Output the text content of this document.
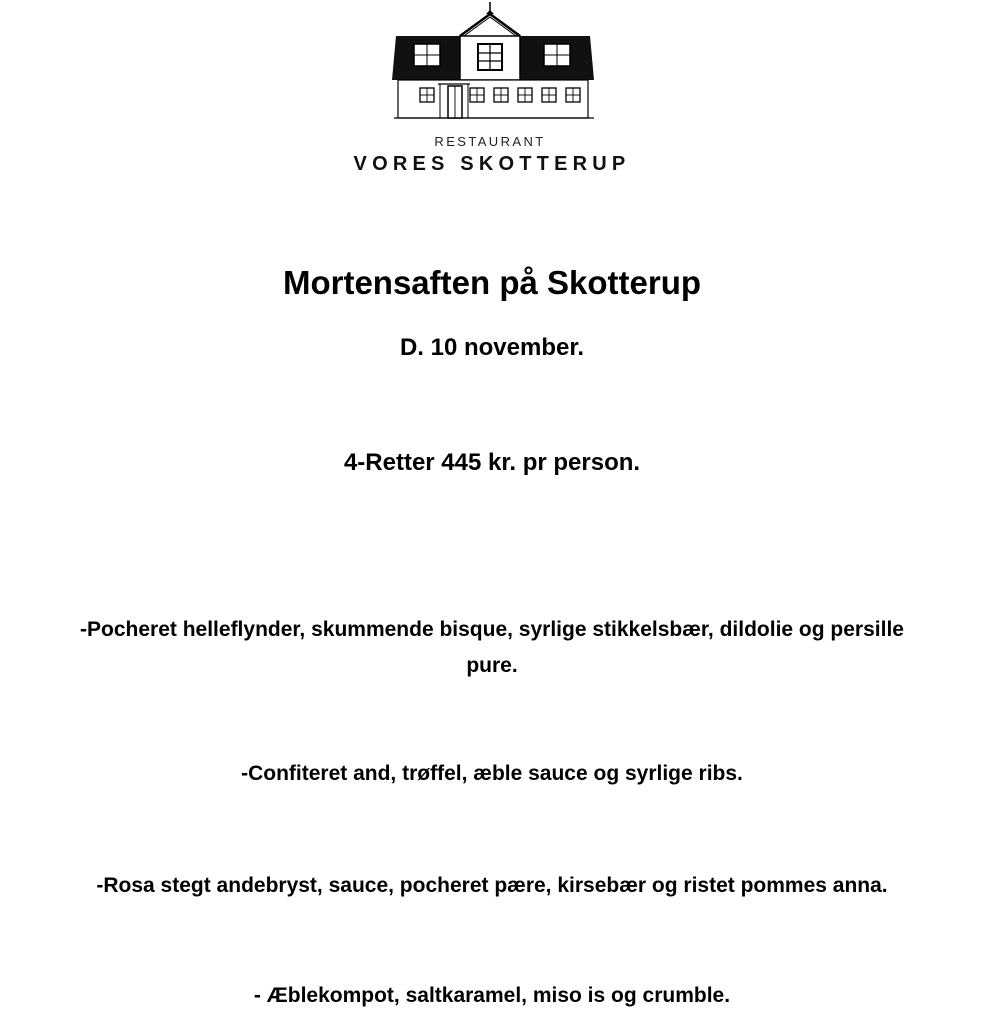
RESTAURANT
VORES SKOTTERUP
Mortensaften på Skotterup
D. 10 november.
4-Retter 445 kr. pr person.
-Pocheret helleflynder, skummende bisque, syrlige stikkelsbær, dildolie og persille
pure.
-Confiteret and, trøffel, æble sauce og syrlige ribs.
-Rosa stegt andebryst, sauce, pocheret pære, kirsebær og ristet pommes anna.
- Æblekompot, saltkaramel, miso is og crumble.
